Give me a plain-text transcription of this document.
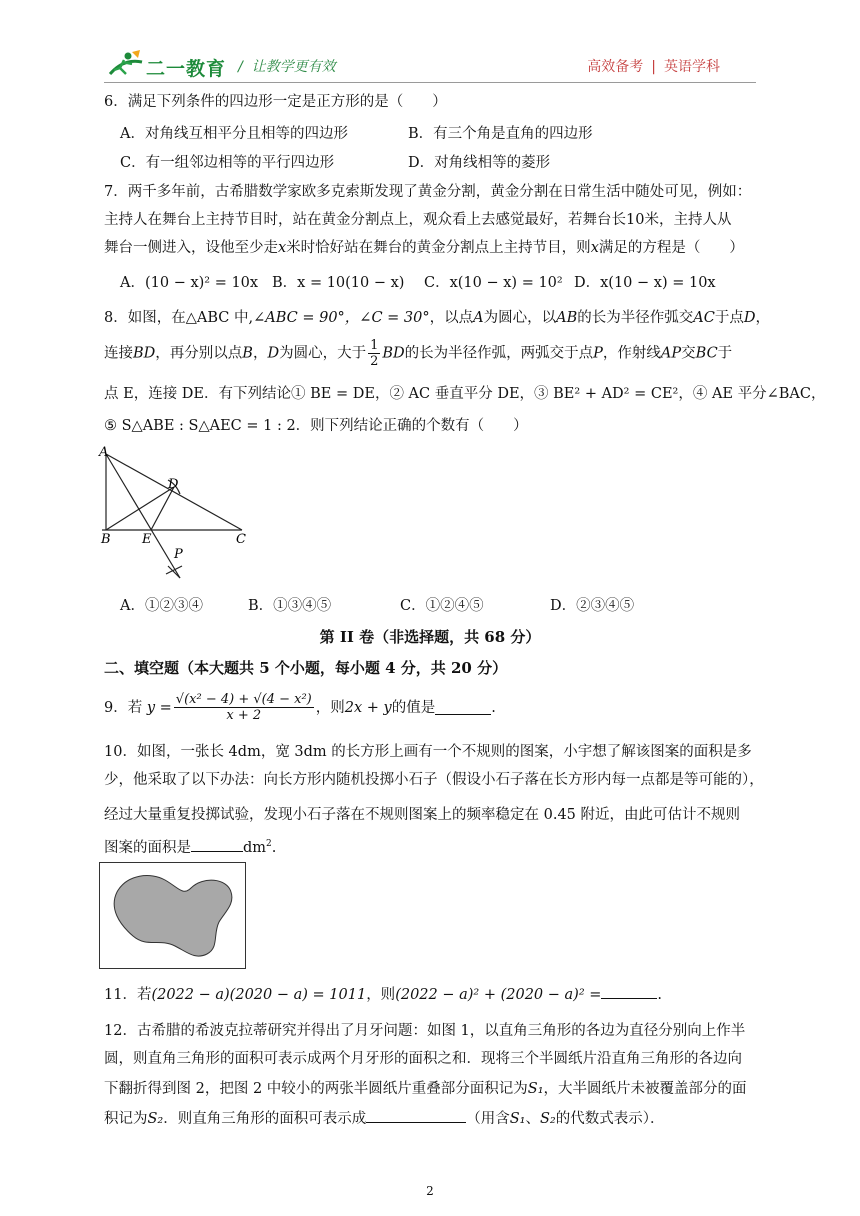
二一教育 /  让教学更有效	高效备考 | 英语学科
6．满足下列条件的四边形一定是正方形的是（　　）
A．对角线互相平分且相等的四边形	B．有三个角是直角的四边形
C．有一组邻边相等的平行四边形	D．对角线相等的菱形
7．两千多年前，古希腊数学家欧多克索斯发现了黄金分割，黄金分割在日常生活中随处可见，例如：
主持人在舞台上主持节目时，站在黄金分割点上，观众看上去感觉最好，若舞台长10米，主持人从
舞台一侧进入，设他至少走x米时恰好站在舞台的黄金分割点上主持节目，则x满足的方程是（　　）
A．(10 − x)² = 10x B．x = 10(10 − x) C．x(10 − x) = 10² D．x(10 − x) = 10x
8．如图，在△ABC 中,∠ABC = 90°，∠C = 30°，以点A为圆心，以AB的长为半径作弧交AC于点D，
连接BD，再分别以点B，D为圆心，大于 $\frac{1}{2}$ BD的长为半径作弧，两弧交于点P，作射线AP交BC于
点 E，连接 DE．有下列结论① BE = DE，② AC 垂直平分 DE，③ BE² + AD² = CE²，④ AE 平分∠BAC，
⑤ S△ABE : S△AEC = 1 : 2．则下列结论正确的个数有（　　）
A
B	C
D
E
P
A．①②③④	B．①③④⑤	C．①②④⑤	D．②③④⑤
第 II 卷（非选择题，共 68 分）
二、填空题（本大题共 5 个小题，每小题 4 分，共 20 分）
9．若
$y = \frac{\text{√(x² − 4) + √(4 − x²)}}{x + 2}$ ，则 2x + y 的值是	.
10．如图，一张长 4dm，宽 3dm 的长方形上画有一个不规则的图案，小宇想了解该图案的面积是多
少，他采取了以下办法：向长方形内随机投掷小石子（假设小石子落在长方形内每一点都是等可能的），
经过大量重复投掷试验，发现小石子落在不规则图案上的频率稳定在 0.45 附近，由此可估计不规则
图案的面积是	$dm^2$.
11．若(2022 − a)(2020 − a) = 1011，则(2022 − a)² + (2020 − a)² =	.
12．古希腊的希波克拉蒂研究并得出了月牙问题：如图 1，以直角三角形的各边为直径分别向上作半
圆，则直角三角形的面积可表示成两个月牙形的面积之和．现将三个半圆纸片沿直角三角形的各边向
下翻折得到图 2，把图 2 中较小的两张半圆纸片重叠部分面积记为S₁，大半圆纸片未被覆盖部分的面
积记为S₂．则直角三角形的面积可表示成	（用含S₁、S₂的代数式表示）．
2
